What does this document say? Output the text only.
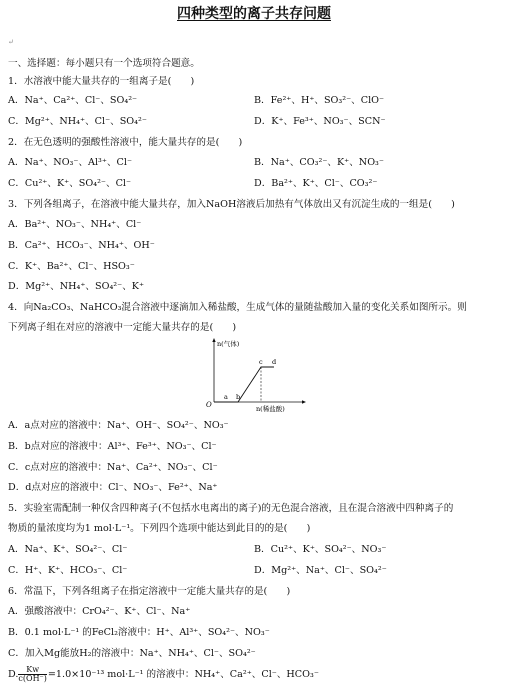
四种类型的离子共存问题
↵
一、选择题：每小题只有一个选项符合题意。
1．水溶液中能大量共存的一组离子是(　　)
A．Na⁺、Ca²⁺、Cl⁻、SO₄²⁻	B．Fe²⁺、H⁺、SO₃²⁻、ClO⁻
C．Mg²⁺、NH₄⁺、Cl⁻、SO₄²⁻	D．K⁺、Fe³⁺、NO₃⁻、SCN⁻
2．在无色透明的强酸性溶液中，能大量共存的是(　　)
A．Na⁺、NO₃⁻、Al³⁺、Cl⁻	B．Na⁺、CO₃²⁻、K⁺、NO₃⁻
C．Cu²⁺、K⁺、SO₄²⁻、Cl⁻	D．Ba²⁺、K⁺、Cl⁻、CO₃²⁻
3．下列各组离子，在溶液中能大量共存，加入NaOH溶液后加热有气体放出又有沉淀生成的一组是(　　)
A．Ba²⁺、NO₃⁻、NH₄⁺、Cl⁻
B．Ca²⁺、HCO₃⁻、NH₄⁺、OH⁻
C．K⁺、Ba²⁺、Cl⁻、HSO₃⁻
D．Mg²⁺、NH₄⁺、SO₄²⁻、K⁺
4．向Na₂CO₃、NaHCO₃混合溶液中逐滴加入稀盐酸，生成气体的量随盐酸加入量的变化关系如图所示。则
下列离子组在对应的溶液中一定能大量共存的是(　　)
n(气体)
n(稀盐酸)
O
a b
c d
A．a点对应的溶液中：Na⁺、OH⁻、SO₄²⁻、NO₃⁻
B．b点对应的溶液中：Al³⁺、Fe³⁺、NO₃⁻、Cl⁻
C．c点对应的溶液中：Na⁺、Ca²⁺、NO₃⁻、Cl⁻
D．d点对应的溶液中：Cl⁻、NO₃⁻、Fe²⁺、Na⁺
5．实验室需配制一种仅含四种离子(不包括水电离出的离子)的无色混合溶液，且在混合溶液中四种离子的
物质的量浓度均为1 mol·L⁻¹。下列四个选项中能达到此目的的是(　　)
A．Na⁺、K⁺、SO₄²⁻、Cl⁻	B．Cu²⁺、K⁺、SO₄²⁻、NO₃⁻
C．H⁺、K⁺、HCO₃⁻、Cl⁻	D．Mg²⁺、Na⁺、Cl⁻、SO₄²⁻
6．常温下，下列各组离子在指定溶液中一定能大量共存的是(　　)
A．强酸溶液中：CrO₄²⁻、K⁺、Cl⁻、Na⁺
B．0.1 mol·L⁻¹ 的FeCl₂溶液中：H⁺、Al³⁺、SO₄²⁻、NO₃⁻
C．加入Mg能放H₂的溶液中：Na⁺、NH₄⁺、Cl⁻、SO₄²⁻
D. $\frac{Kw}{c(OH^-)} =1.0\times 10^{-13}$ mol·L⁻¹ 的溶液中：NH₄⁺、Ca²⁺、Cl⁻、HCO₃⁻
